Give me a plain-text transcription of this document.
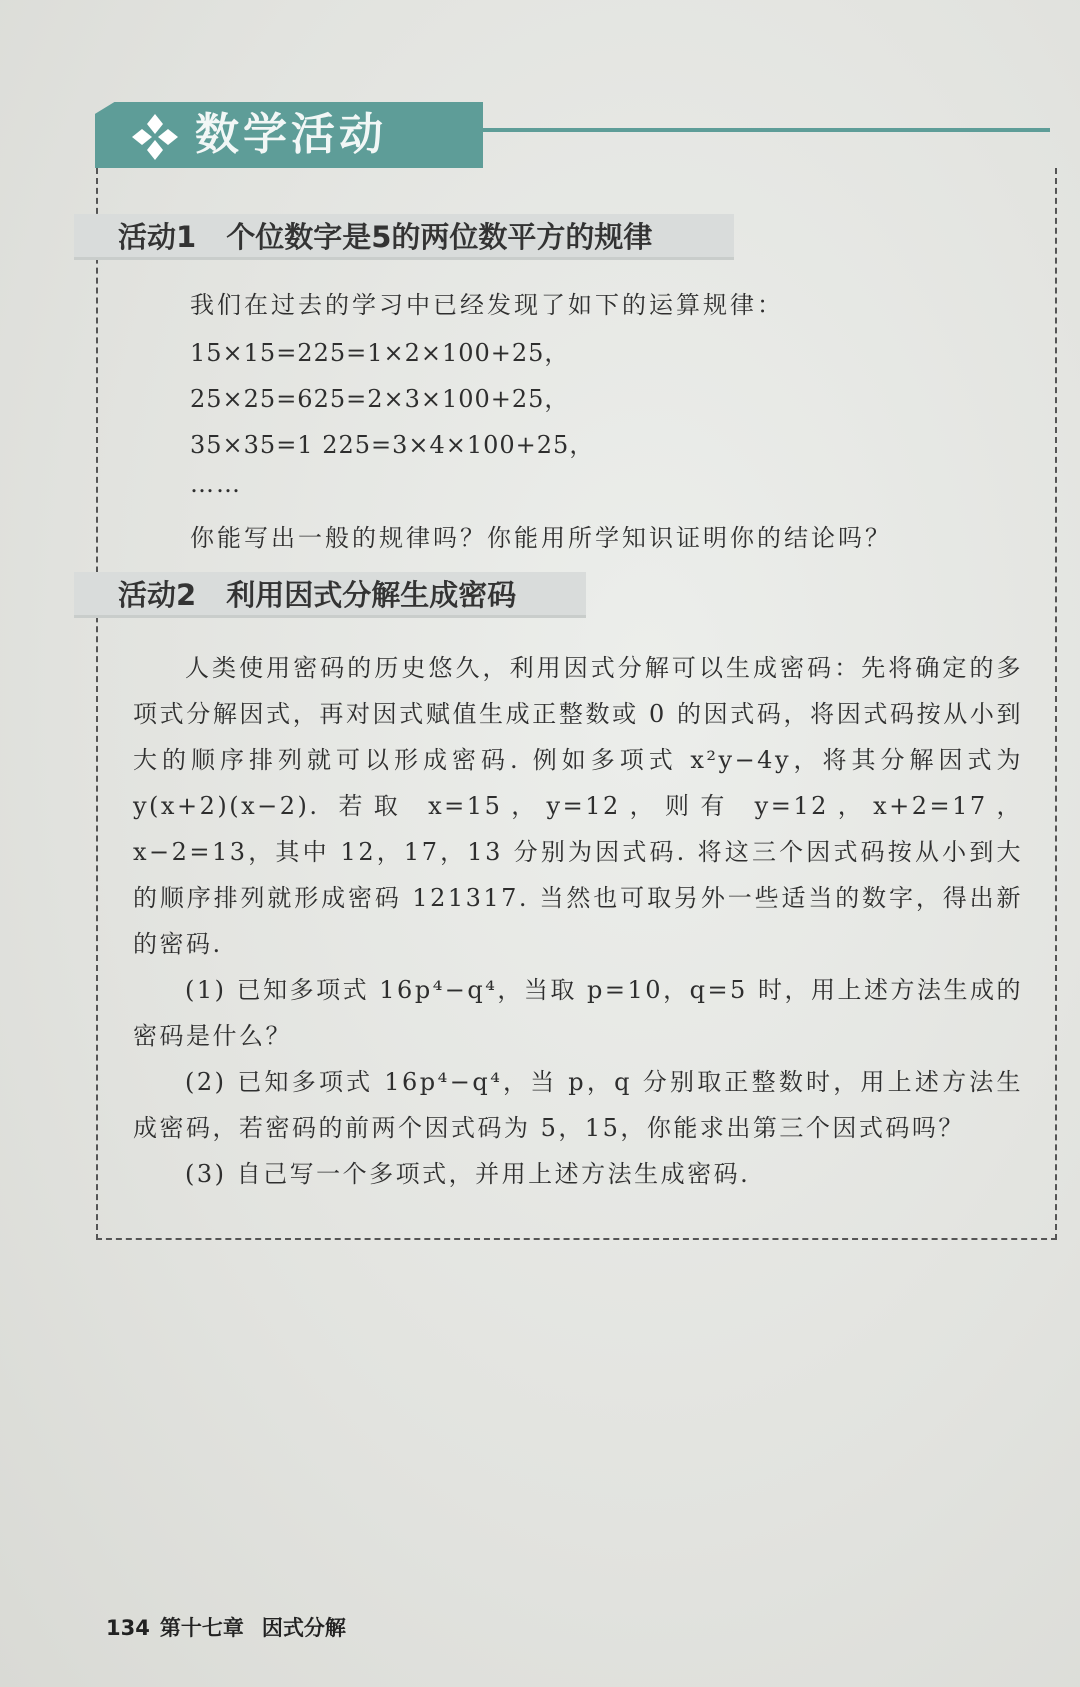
数学活动
活动1 个位数字是5的两位数平方的规律
我们在过去的学习中已经发现了如下的运算规律：
15×15=225=1×2×100+25，
25×25=625=2×3×100+25，
35×35=1 225=3×4×100+25，
……
你能写出一般的规律吗？你能用所学知识证明你的结论吗？
活动2 利用因式分解生成密码

人类使用密码的历史悠久，利用因式分解可以生成密码：先将确定的多项式分解因式，再对因式赋值生成正整数或 0 的因式码，将因式码按从小到大的顺序排列就可以形成密码. 例如多项式 x²y−4y，将其分解因式为 y(x+2)(x−2). 若取 x=15，y=12，则有 y=12，x+2=17，x−2=13，其中 12，17，13 分别为因式码. 将这三个因式码按从小到大的顺序排列就形成密码 121317. 当然也可取另外一些适当的数字，得出新的密码.

(1) 已知多项式 16p⁴−q⁴，当取 p=10，q=5 时，用上述方法生成的密码是什么？

(2) 已知多项式 16p⁴−q⁴，当 p，q 分别取正整数时，用上述方法生成密码，若密码的前两个因式码为 5，15，你能求出第三个因式码吗？

(3) 自己写一个多项式，并用上述方法生成密码.

134 第十七章 因式分解
